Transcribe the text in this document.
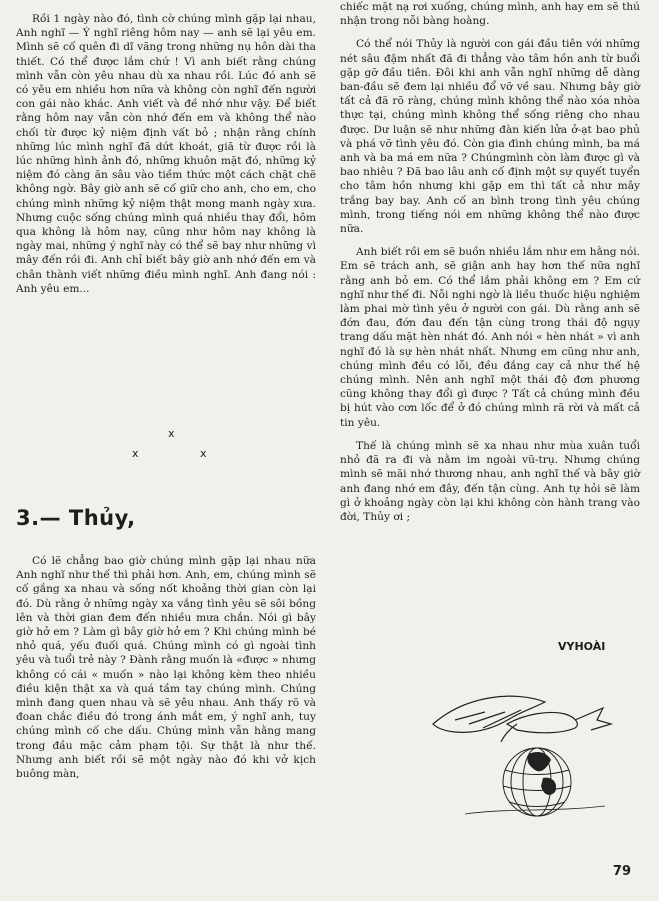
Rồi 1 ngày nào đó, tình cờ chúng mình gặp lại nhau, Anh nghĩ — Ý nghĩ riêng hôm nay — anh sẽ lại yêu em. Mình sẽ cố quên đi dĩ vãng trong những nụ hôn dài tha thiết. Có thể được lắm chứ ! Vì anh biết rằng chúng mình vẫn còn yêu nhau dù xa nhau rồi. Lúc đó anh sẽ có yêu em nhiều hơn nữa và không còn nghĩ đến người con gái nào khác. Anh viết và đề nhớ như vậy. Để biết rằng hôm nay vẫn còn nhớ đến em và không thể nào chối từ được kỷ niệm định vất bỏ ; nhận rằng chính những lúc mình nghĩ đã dứt khoát, giã từ được rồi là lúc những hình ảnh đó, những khuôn mặt đó, những kỷ niệm đó càng ăn sâu vào tiềm thức một cách chặt chẽ không ngờ. Bây giờ anh sẽ cố giữ cho anh, cho em, cho chúng mình những kỷ niệm thật mong manh ngày xưa. Nhưng cuộc sống chúng mình quá nhiều thay đổi, hôm qua không là hôm nay, cũng như hôm nay không là ngày mai, những ý nghĩ này có thể sẽ bay như những vì mây đến rồi đi. Anh chỉ biết bây giờ anh nhớ đến em và chân thành viết những điều mình nghĩ. Anh đang nói : Anh yêu em...

x
x	x
3.— Thủy,

Có lẽ chẳng bao giờ chúng mình gặp lại nhau nữa Anh nghĩ như thế thì phải hơn. Anh, em, chúng mình sẽ cố gắng xa nhau và sống nốt khoảng thời gian còn lại đó. Dù rằng ở những ngày xa vắng tình yêu sẽ sôi bồng lên và thời gian đem đến nhiều mưa chắn. Nói gì bây giờ hở em ? Làm gì bây giờ hở em ? Khi chúng mình bé nhỏ quá, yếu đuối quá. Chúng mình có gì ngoài tình yêu và tuổi trẻ này ? Đành rằng muốn là «được » nhưng không có cái « muốn » nào lại không kèm theo nhiều điều kiện thật xa và quá tầm tay chúng mình. Chúng mình đang quen nhau và sẽ yêu nhau. Anh thấy rõ và đoan chắc điều đó trong ánh mắt em, ý nghĩ anh, tuy chúng mình cố che dấu. Chúng mình vẫn hằng mang trong đầu mặc cảm phạm tội. Sự thật là như thế. Nhưng anh biết rồi sẽ một ngày nào đó khi vở kịch buông màn,

chiếc mặt nạ rơi xuống, chúng mình, anh hay em sẽ thú nhận trong nỗi bàng hoàng.

Có thể nói Thủy là người con gái đầu tiên với những nét sâu đậm nhất đã đi thẳng vào tâm hồn anh từ buổi gặp gỡ đầu tiên. Đôi khi anh vẫn nghĩ những dễ dàng ban-đầu sẽ đem lại nhiều đổ vỡ về sau. Nhưng bây giờ tất cả đã rõ ràng, chúng mình không thể nào xóa nhòa thực tại, chúng mình không thể sống riêng cho nhau được. Dư luận sẽ như những đàn kiến lửa ở-ạt bao phủ và phá vỡ tình yêu đó. Còn gia đình chúng mình, ba má anh và ba má em nữa ? Chúngmình còn làm được gì và bao nhiêu ? Đã bao lâu anh cố định một sự quyết tuyển cho tâm hồn nhưng khi gặp em thì tất cả như mây trắng bay bay. Anh cố an bình trong tình yêu chúng mình, trong tiếng nói em những không thể nào được nữa.

Anh biết rồi em sẽ buồn nhiều lắm như em hằng nói. Em sẽ trách anh, sẽ giận anh hay hơn thế nữa nghĩ rằng anh bỏ em. Có thể lắm phải không em ? Em cứ nghĩ như thế đi. Nỗi nghi ngờ là liều thuốc hiệu nghiệm làm phai mờ tình yêu ở người con gái. Dù rằng anh sẽ đớn đau, đớn đau đến tận cùng trong thái độ ngụy trang dấu mặt hèn nhát đó. Anh nói « hèn nhát » vì anh nghĩ đó là sự hèn nhát nhất. Nhưng em cũng như anh, chúng mình đều có lỗi, đều đắng cay cả như thế hệ chúng mình. Nên anh nghĩ một thái độ đơn phương cũng không thay đổi gì được ? Tất cả chúng mình đều bị hút vào cơn lốc để ở đó chúng mình rã rời và mất cả tin yêu.

Thế là chúng mình sẽ xa nhau như mùa xuân tuổi nhỏ đã ra đi và nằm im ngoài vũ-trụ. Nhưng chúng mình sẽ mãi nhớ thương nhau, anh nghĩ thế và bây giờ anh đang nhớ em đây, đến tận cùng. Anh tự hỏi sẽ làm gì ở khoảng ngày còn lại khi không còn hành trang vào đời, Thủy ơi ;

VYHOÀI
79
